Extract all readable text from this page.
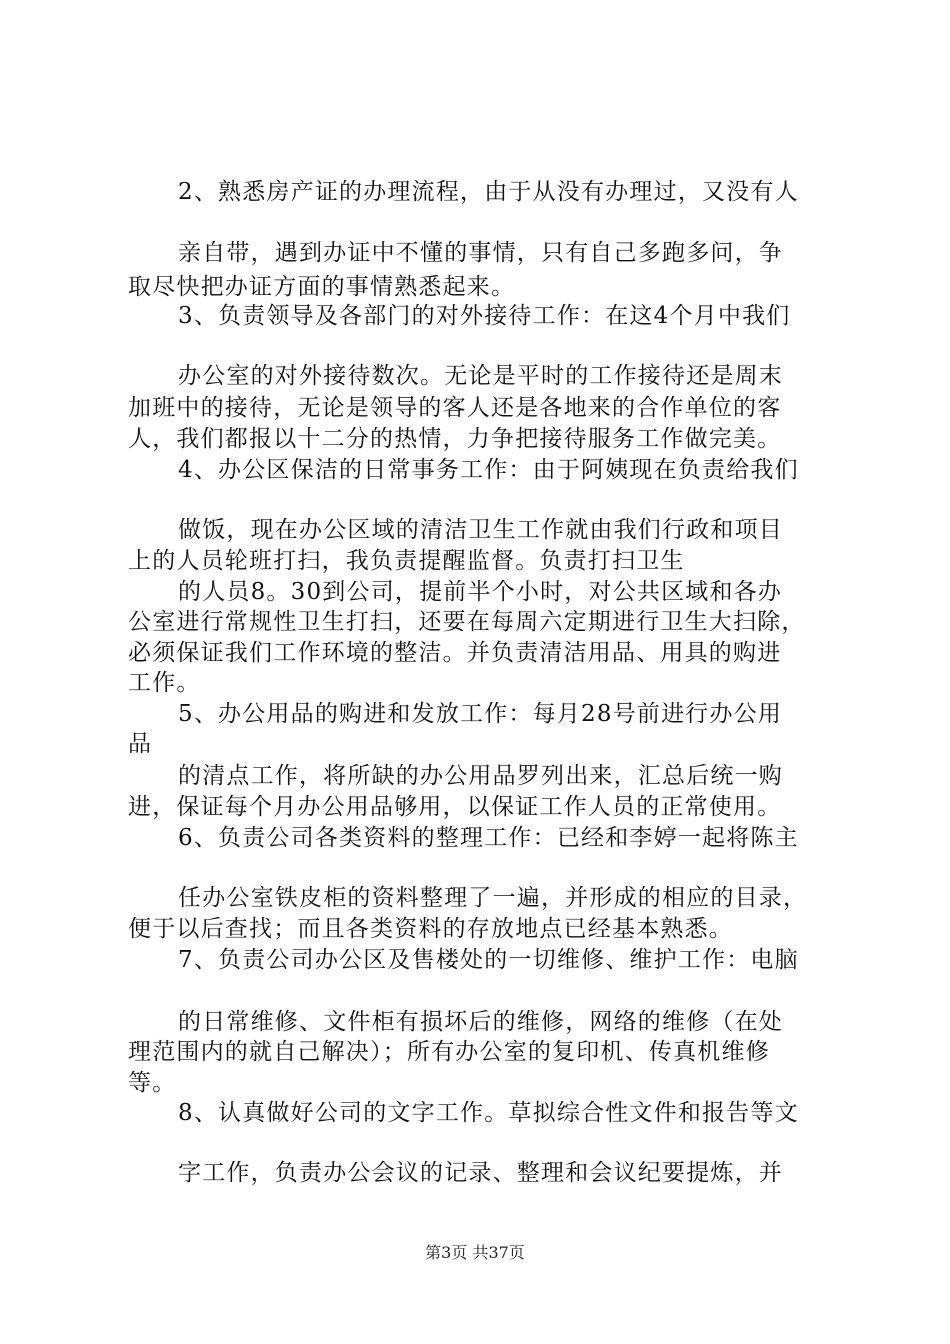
2、熟悉房产证的办理流程，由于从没有办理过，又没有人
亲自带，遇到办证中不懂的事情，只有自己多跑多问，争
取尽快把办证方面的事情熟悉起来。
3、负责领导及各部门的对外接待工作：在这4个月中我们
办公室的对外接待数次。无论是平时的工作接待还是周末
加班中的接待，无论是领导的客人还是各地来的合作单位的客
人，我们都报以十二分的热情，力争把接待服务工作做完美。
4、办公区保洁的日常事务工作：由于阿姨现在负责给我们
做饭，现在办公区域的清洁卫生工作就由我们行政和项目
上的人员轮班打扫，我负责提醒监督。负责打扫卫生
的人员8。30到公司，提前半个小时，对公共区域和各办
公室进行常规性卫生打扫，还要在每周六定期进行卫生大扫除，
必须保证我们工作环境的整洁。并负责清洁用品、用具的购进
工作。
5、办公用品的购进和发放工作：每月28号前进行办公用
品
的清点工作，将所缺的办公用品罗列出来，汇总后统一购
进，保证每个月办公用品够用，以保证工作人员的正常使用。
6、负责公司各类资料的整理工作：已经和李婷一起将陈主
任办公室铁皮柜的资料整理了一遍，并形成的相应的目录，
便于以后查找；而且各类资料的存放地点已经基本熟悉。
7、负责公司办公区及售楼处的一切维修、维护工作：电脑
的日常维修、文件柜有损坏后的维修，网络的维修（在处
理范围内的就自己解决）；所有办公室的复印机、传真机维修
等。
8、认真做好公司的文字工作。草拟综合性文件和报告等文
字工作，负责办公会议的记录、整理和会议纪要提炼，并
第3页 共37页
